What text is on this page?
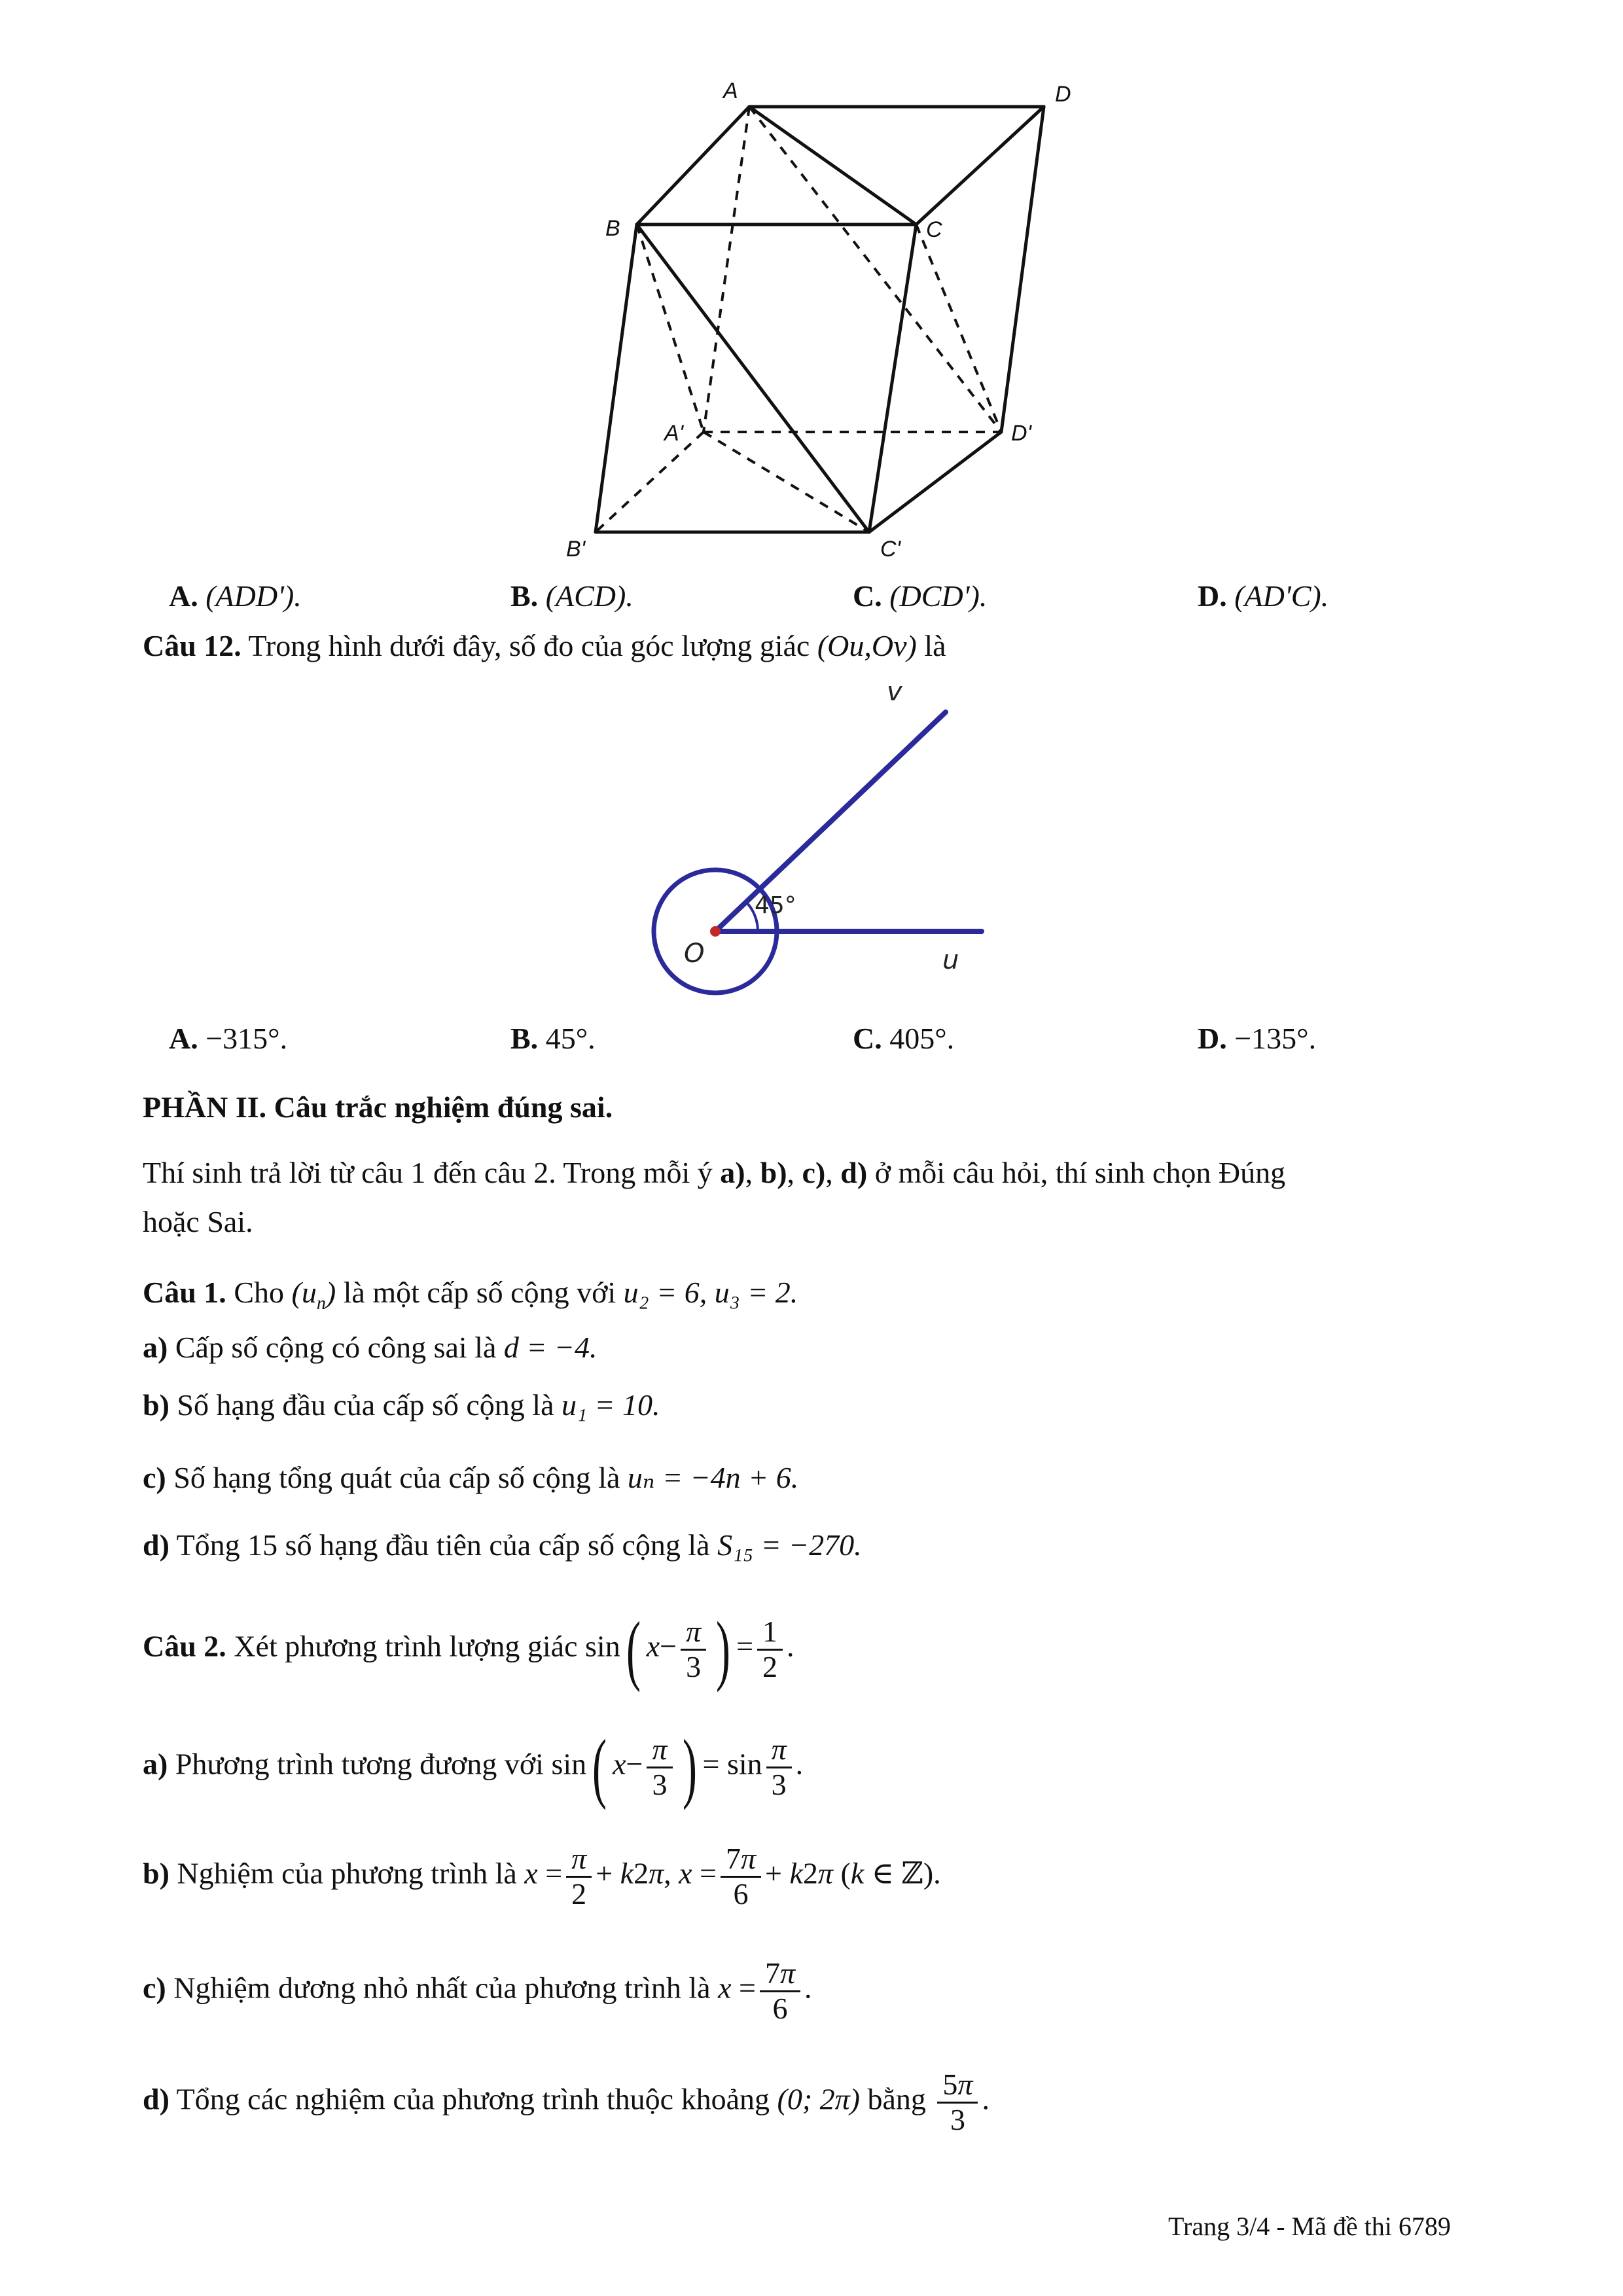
A	D
B	C
A'	D'
B'	C'
A. (ADD').	B. (ACD).	C. (DCD').	D. (AD'C).
Câu 12. Trong hình dưới đây, số đo của góc lượng giác (Ou,Ov) là
v
u
O
45°
A. −315°.	B. 45°.	C. 405°.	D. −135°.
PHẦN II. Câu trắc nghiệm đúng sai.
Thí sinh trả lời từ câu 1 đến câu 2. Trong mỗi ý a), b), c), d) ở mỗi câu hỏi, thí sinh chọn Đúng
hoặc Sai.
Câu 1. Cho $(u_n)$ là một cấp số cộng với u₂ = 6, u₃ = 2.
a) Cấp số cộng có công sai là d = −4.
b) Số hạng đầu của cấp số cộng là u₁ = 10.
c) Số hạng tổng quát của cấp số cộng là uₙ = −4n + 6.
d) Tổng 15 số hạng đầu tiên của cấp số cộng là S₁₅ = −270.
Câu 2. Xét phương trình lượng giác sin( $x- \frac{\pi}{3}$ ) = $\frac{1}{2}$ .
a) Phương trình tương đương với sin( $x- \frac{\pi}{3}$ ) = $\sin \frac{\pi}{3}$ .
b) Nghiệm của phương trình là $x = \frac{\pi}{2} + k2\pi$, $x = \frac{7\pi}{6} + k2\pi$ (k ∈ ℤ).
c) Nghiệm dương nhỏ nhất của phương trình là $x = \frac{7\pi}{6}$ .
d) Tổng các nghiệm của phương trình thuộc khoảng (0; 2π) bằng $\frac{5\pi}{3}$ .
Trang 3/4 - Mã đề thi 6789
